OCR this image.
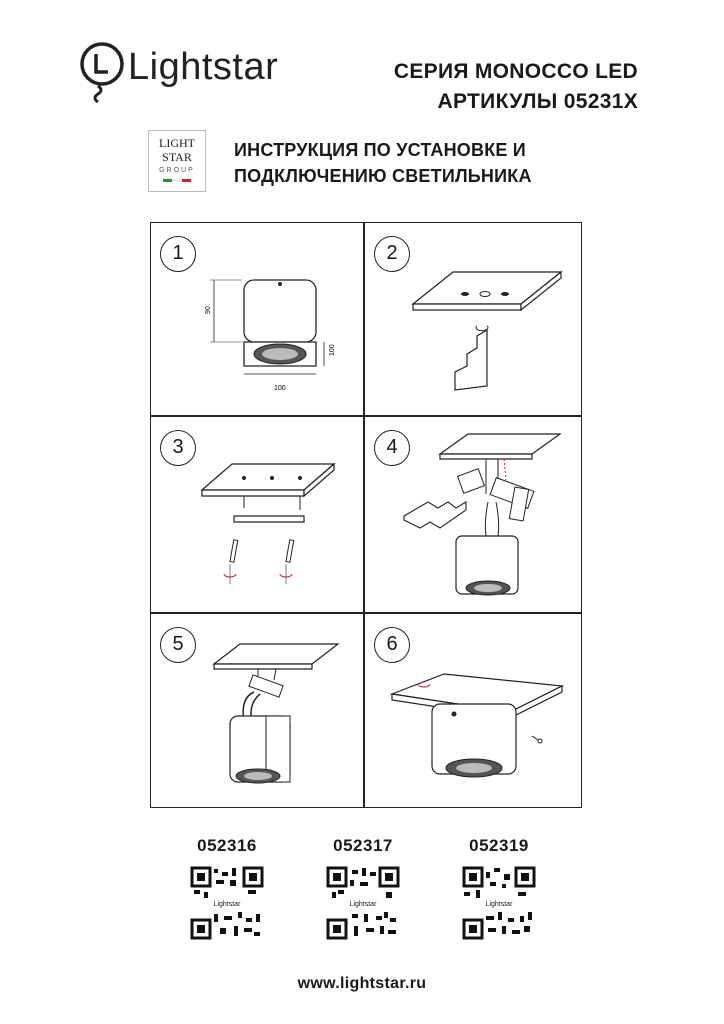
Lightstar	СЕРИЯ MONOCCO LED
АРТИКУЛЫ 05231X
LIGHT
STAR
GROUP
ИНСТРУКЦИЯ ПО УСТАНОВКЕ И
ПОДКЛЮЧЕНИЮ СВЕТИЛЬНИКА
1	2
3	4
5	6
90
100
100
052316	052317	052319
Lightstar	Lightstar	Lightstar
www.lightstar.ru
